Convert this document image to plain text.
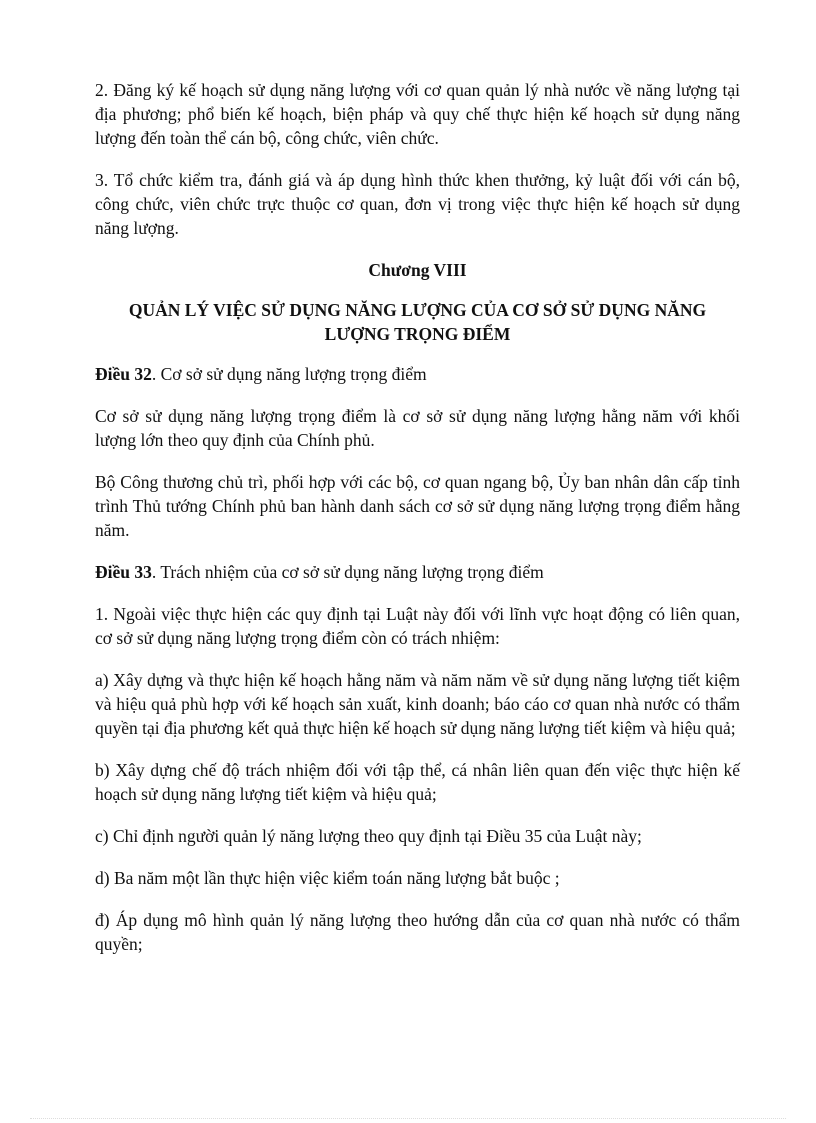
2. Đăng ký kế hoạch sử dụng năng lượng với cơ quan quản lý nhà nước về năng lượng tại địa phương; phổ biến kế hoạch, biện pháp và quy chế thực hiện kế hoạch sử dụng năng lượng đến toàn thể cán bộ, công chức, viên chức.

3. Tổ chức kiểm tra, đánh giá và áp dụng hình thức khen thưởng, kỷ luật đối với cán bộ, công chức, viên chức trực thuộc cơ quan, đơn vị trong việc thực hiện kế hoạch sử dụng năng lượng.

Chương VIII

QUẢN LÝ VIỆC SỬ DỤNG NĂNG LƯỢNG CỦA CƠ SỞ SỬ DỤNG NĂNG LƯỢNG TRỌNG ĐIỂM

Điều 32. Cơ sở sử dụng năng lượng trọng điểm

Cơ sở sử dụng năng lượng trọng điểm là cơ sở sử dụng năng lượng hằng năm với khối lượng lớn theo quy định của Chính phủ.

Bộ Công thương chủ trì, phối hợp với các bộ, cơ quan ngang bộ, Ủy ban nhân dân cấp tỉnh trình Thủ tướng Chính phủ ban hành danh sách cơ sở sử dụng năng lượng trọng điểm hằng năm.

Điều 33. Trách nhiệm của cơ sở sử dụng năng lượng trọng điểm

1. Ngoài việc thực hiện các quy định tại Luật này đối với lĩnh vực hoạt động có liên quan, cơ sở sử dụng năng lượng trọng điểm còn có trách nhiệm:

a) Xây dựng và thực hiện kế hoạch hằng năm và năm năm về sử dụng năng lượng tiết kiệm và hiệu quả phù hợp với kế hoạch sản xuất, kinh doanh; báo cáo cơ quan nhà nước có thẩm quyền tại địa phương kết quả thực hiện kế hoạch sử dụng năng lượng tiết kiệm và hiệu quả;

b) Xây dựng chế độ trách nhiệm đối với tập thể, cá nhân liên quan đến việc thực hiện kế hoạch sử dụng năng lượng tiết kiệm và hiệu quả;

c) Chỉ định người quản lý năng lượng theo quy định tại Điều 35 của Luật này;

d) Ba năm một lần thực hiện việc kiểm toán năng lượng bắt buộc ;

đ) Áp dụng mô hình quản lý năng lượng theo hướng dẫn của cơ quan nhà nước có thẩm quyền;
